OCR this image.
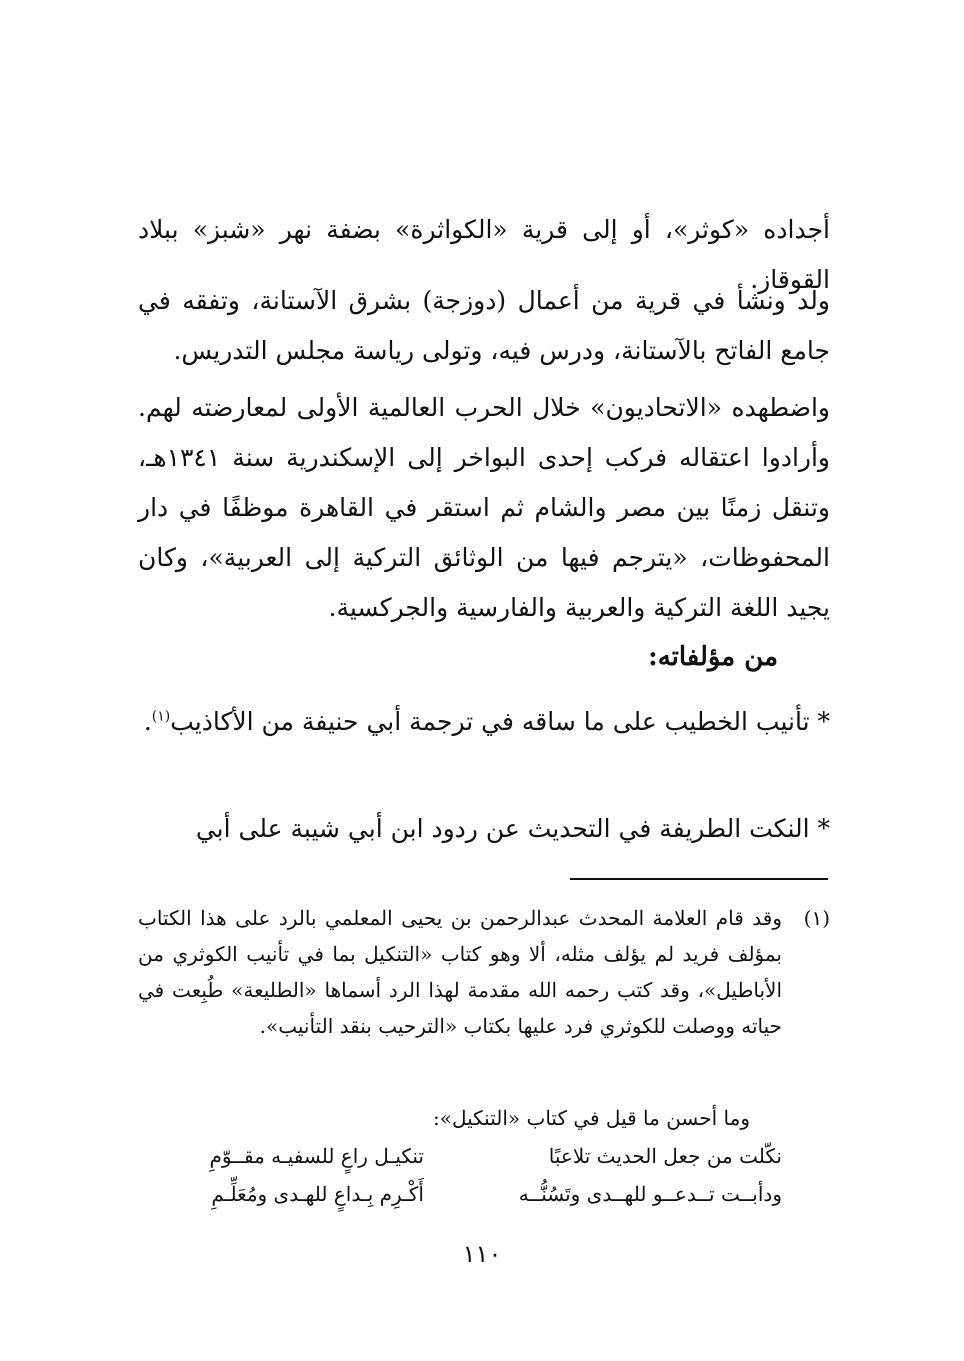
أجداده «كوثر»، أو إلى قرية «الكواثرة» بضفة نهر «شبز» ببلاد القوقاز.

ولد ونشأ في قرية من أعمال (دوزجة) بشرق الآستانة، وتفقه في جامع الفاتح بالآستانة، ودرس فيه، وتولى رياسة مجلس التدريس.

واضطهده «الاتحاديون» خلال الحرب العالمية الأولى لمعارضته لهم. وأرادوا اعتقاله فركب إحدى البواخر إلى الإسكندرية سنة ١٣٤١هـ، وتنقل زمنًا بين مصر والشام ثم استقر في القاهرة موظفًا في دار المحفوظات، «يترجم فيها من الوثائق التركية إلى العربية»، وكان يجيد اللغة التركية والعربية والفارسية والجركسية.

من مؤلفاته:

* تأنيب الخطيب على ما ساقه في ترجمة أبي حنيفة من الأكاذيب$^{(١)}$.

* النكت الطريفة في التحديث عن ردود ابن أبي شيبة على أبي

(١)
وقد قام العلامة المحدث عبدالرحمن بن يحيى المعلمي بالرد على هذا الكتاب بمؤلف فريد لم يؤلف مثله، ألا وهو كتاب «التنكيل بما في تأنيب الكوثري من الأباطيل»، وقد كتب رحمه الله مقدمة لهذا الرد أسماها «الطليعة» طُبِعت في حياته ووصلت للكوثري فرد عليها بكتاب «الترحيب بنقد التأنيب».
وما أحسن ما قيل في كتاب «التنكيل»:
نكّلت من جعل الحديث تلاعبًا
تنكيـل راعٍ للسفيـه مقــوّمِ
ودأبــت تــدعــو للهــدى وتَسُنُّــه
أَكْـرِم بِـداعٍ للهـدى ومُعَلِّـمِ
١١٠
